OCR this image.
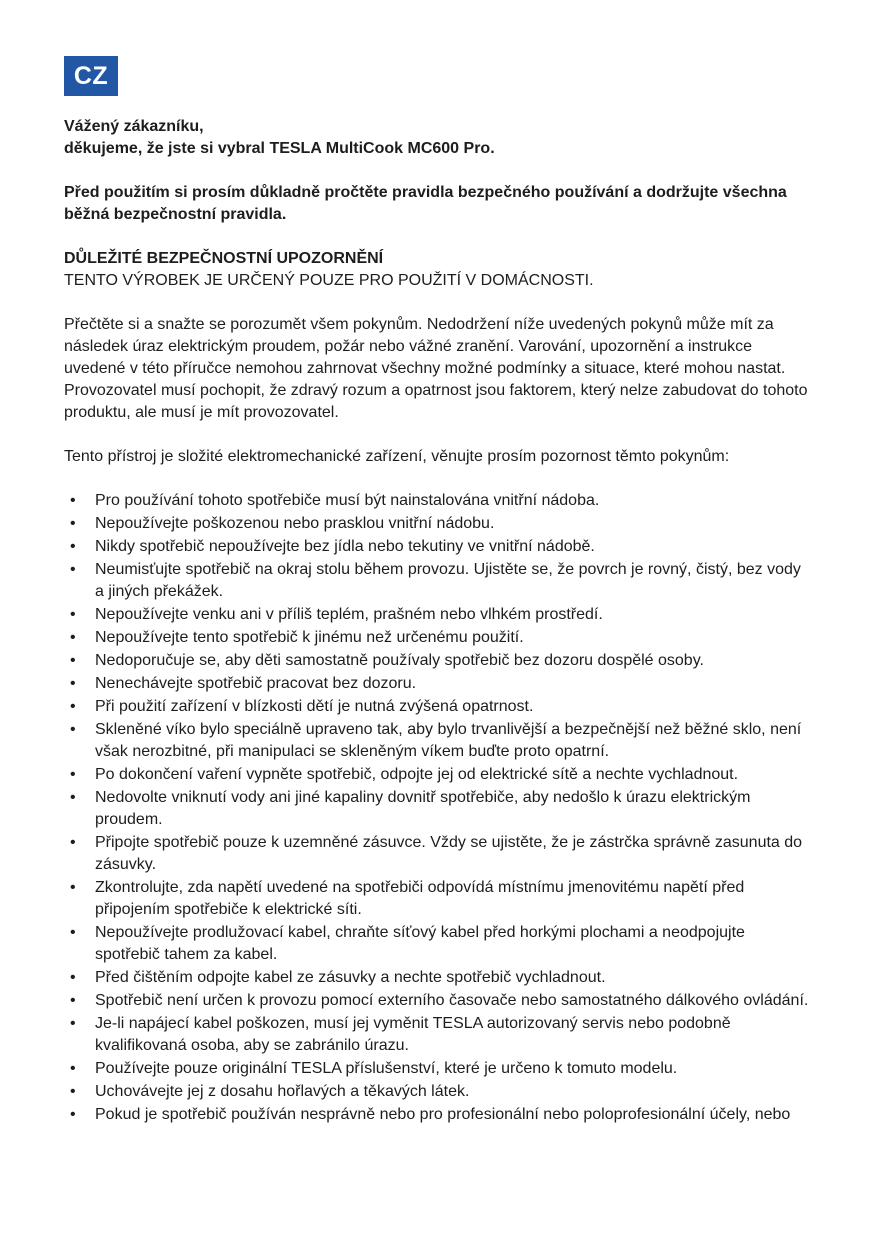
CZ
Vážený zákazníku,
děkujeme, že jste si vybral TESLA MultiCook MC600 Pro.

Před použitím si prosím důkladně pročtěte pravidla bezpečného používání a dodržujte všechna běžná bezpečnostní pravidla.

DŮLEŽITÉ BEZPEČNOSTNÍ UPOZORNĚNÍ
TENTO VÝROBEK JE URČENÝ POUZE PRO POUŽITÍ V DOMÁCNOSTI.

Přečtěte si a snažte se porozumět všem pokynům. Nedodržení níže uvedených pokynů může mít za následek úraz elektrickým proudem, požár nebo vážné zranění. Varování, upozornění a instrukce uvedené v této příručce nemohou zahrnovat všechny možné podmínky a situace, které mohou nastat. Provozovatel musí pochopit, že zdravý rozum a opatrnost jsou faktorem, který nelze zabudovat do tohoto produktu, ale musí je mít provozovatel.

Tento přístroj je složité elektromechanické zařízení, věnujte prosím pozornost těmto pokynům:

• Pro používání tohoto spotřebiče musí být nainstalována vnitřní nádoba.
• Nepoužívejte poškozenou nebo prasklou vnitřní nádobu.
• Nikdy spotřebič nepoužívejte bez jídla nebo tekutiny ve vnitřní nádobě.
• Neumisťujte spotřebič na okraj stolu během provozu. Ujistěte se, že povrch je rovný, čistý, bez vody a jiných překážek.
• Nepoužívejte venku ani v příliš teplém, prašném nebo vlhkém prostředí.
• Nepoužívejte tento spotřebič k jinému než určenému použití.
• Nedoporučuje se, aby děti samostatně používaly spotřebič bez dozoru dospělé osoby.
• Nenechávejte spotřebič pracovat bez dozoru.
• Při použití zařízení v blízkosti dětí je nutná zvýšená opatrnost.
• Skleněné víko bylo speciálně upraveno tak, aby bylo trvanlivější a bezpečnější než běžné sklo, není však nerozbitné, při manipulaci se skleněným víkem buďte proto opatrní.
• Po dokončení vaření vypněte spotřebič, odpojte jej od elektrické sítě a nechte vychladnout.
• Nedovolte vniknutí vody ani jiné kapaliny dovnitř spotřebiče, aby nedošlo k úrazu elektrickým proudem.
• Připojte spotřebič pouze k uzemněné zásuvce. Vždy se ujistěte, že je zástrčka správně zasunuta do zásuvky.
• Zkontrolujte, zda napětí uvedené na spotřebiči odpovídá místnímu jmenovitému napětí před připojením spotřebiče k elektrické síti.
• Nepoužívejte prodlužovací kabel, chraňte síťový kabel před horkými plochami a neodpojujte spotřebič tahem za kabel.
• Před čištěním odpojte kabel ze zásuvky a nechte spotřebič vychladnout.
• Spotřebič není určen k provozu pomocí externího časovače nebo samostatného dálkového ovládání.
• Je-li napájecí kabel poškozen, musí jej vyměnit TESLA autorizovaný servis nebo podobně kvalifikovaná osoba, aby se zabránilo úrazu.
• Používejte pouze originální TESLA příslušenství, které je určeno k tomuto modelu.
• Uchovávejte jej z dosahu hořlavých a těkavých látek.
• Pokud je spotřebič používán nesprávně nebo pro profesionální nebo poloprofesionální účely, nebo
